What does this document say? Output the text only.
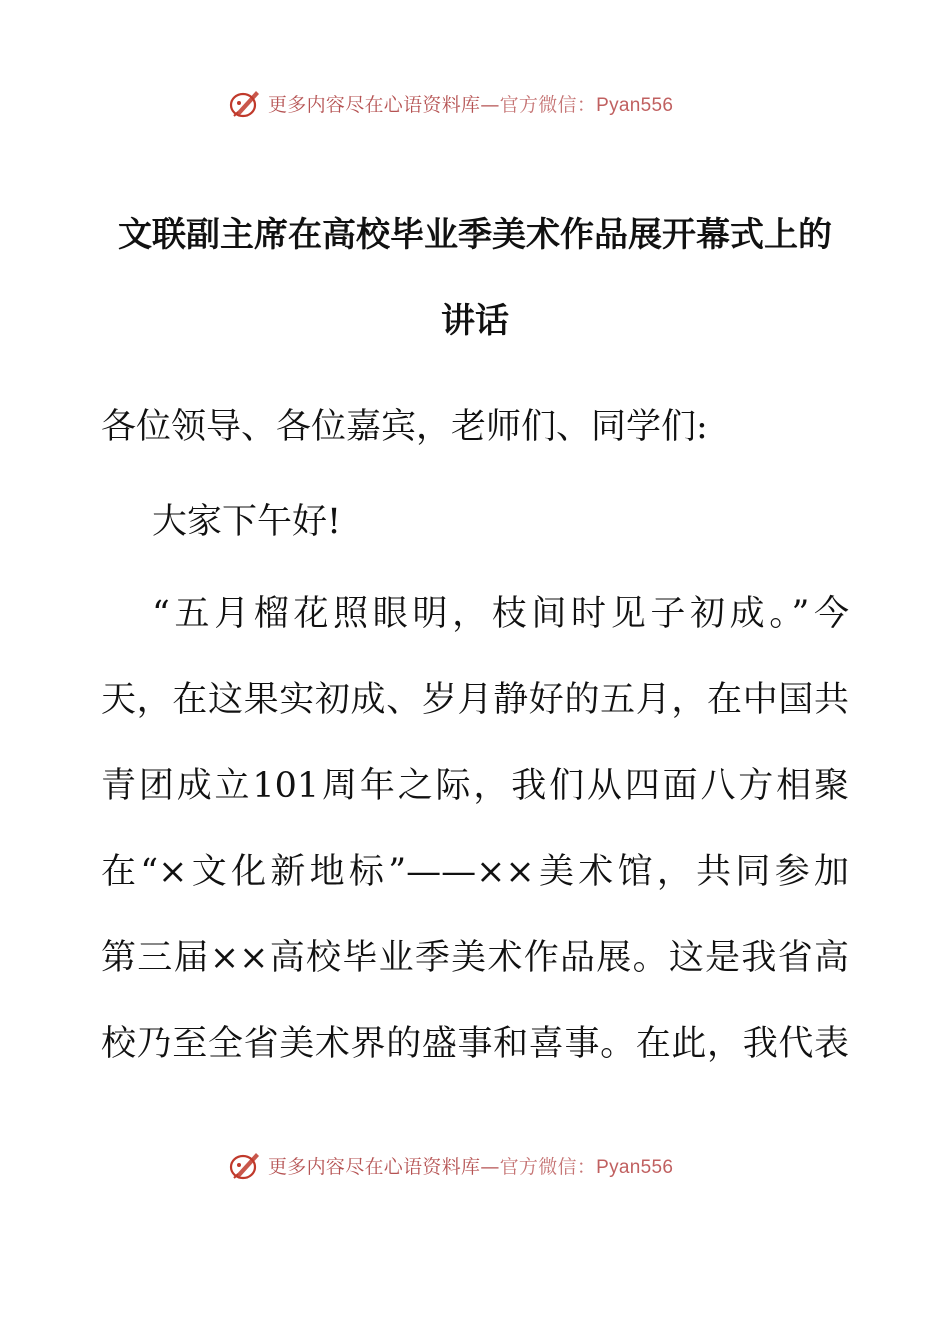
更多内容尽在心语资料库—官方微信：Pyan556
文联副主席在高校毕业季美术作品展开幕式上的
讲话
各位领导、各位嘉宾，老师们、同学们:
大家下午好!
“五月榴花照眼明，枝间时见子初成。”今
天，在这果实初成、岁月静好的五月，在中国共
青团成立101周年之际，我们从四面八方相聚
在“×文化新地标”——××美术馆，共同参加
第三届××高校毕业季美术作品展。这是我省高
校乃至全省美术界的盛事和喜事。在此，我代表
更多内容尽在心语资料库—官方微信：Pyan556
